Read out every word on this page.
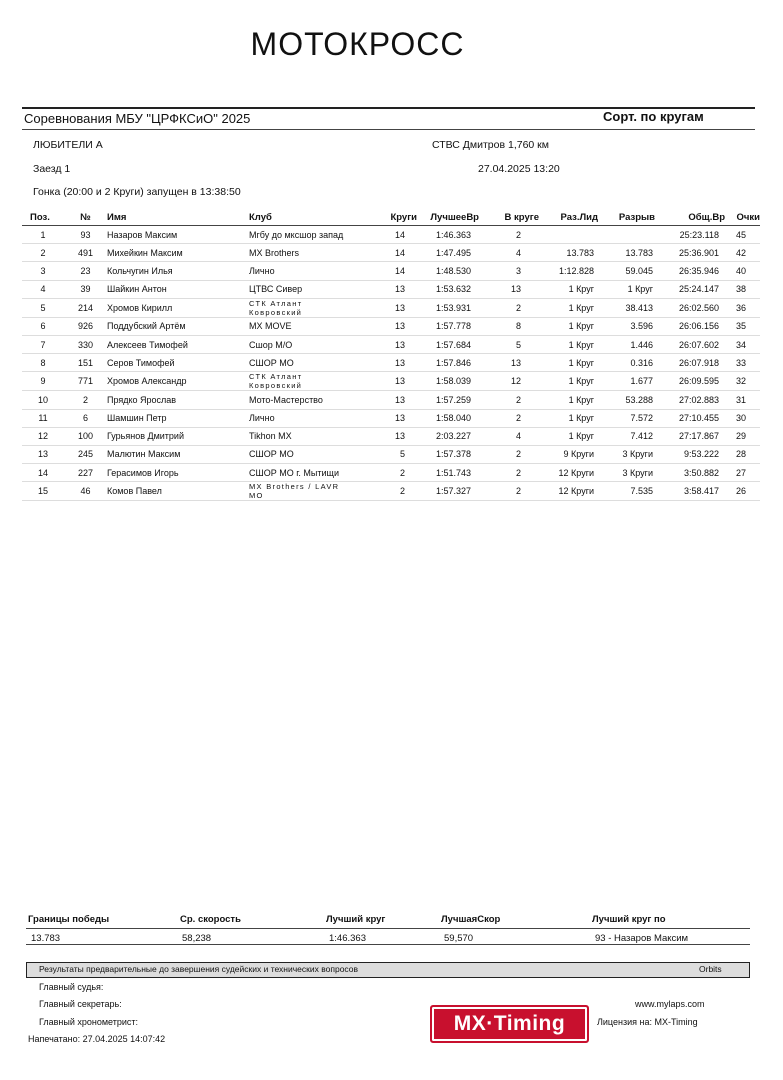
МОТОКРОСС
Соревнования МБУ "ЦРФКСиО" 2025	Сорт. по кругам
ЛЮБИТЕЛИ А	СТВС Дмитров 1,760 км
Заезд 1	27.04.2025 13:20
Гонка (20:00 и 2 Круги) запущен в 13:38:50
Поз.	№	Имя	Клуб	Круги	ЛучшееВр	В круге	Раз.Лид	Разрыв	Общ.Вр	Очки
1	93	Назаров Максим	Мгбу до мксшор запад	14	1:46.363	2			25:23.118	45
2	491	Михейкин Максим	MX Brothers	14	1:47.495	4	13.783	13.783	25:36.901	42
3	23	Кольчугин Илья	Лично	14	1:48.530	3	1:12.828	59.045	26:35.946	40
4	39	Шайкин Антон	ЦТВС Сивер	13	1:53.632	13	1 Круг	1 Круг	25:24.147	38
5	214	Хромов Кирилл	СТК Атлант Ковровский	13	1:53.931	2	1 Круг	38.413	26:02.560	36
6	926	Поддубский Артём	MX MOVE	13	1:57.778	8	1 Круг	3.596	26:06.156	35
7	330	Алексеев Тимофей	Сшор М/О	13	1:57.684	5	1 Круг	1.446	26:07.602	34
8	151	Серов Тимофей	СШОР МО	13	1:57.846	13	1 Круг	0.316	26:07.918	33
9	771	Хромов Александр	СТК Атлант Ковровский	13	1:58.039	12	1 Круг	1.677	26:09.595	32
10	2	Прядко Ярослав	Мото-Мастерство	13	1:57.259	2	1 Круг	53.288	27:02.883	31
11	6	Шамшин Петр	Лично	13	1:58.040	2	1 Круг	7.572	27:10.455	30
12	100	Гурьянов Дмитрий	Tikhon MX	13	2:03.227	4	1 Круг	7.412	27:17.867	29
13	245	Малютин Максим	СШОР МО	5	1:57.378	2	9 Круги	3 Круги	9:53.222	28
14	227	Герасимов Игорь	СШОР МО г. Мытищи	2	1:51.743	2	12 Круги	3 Круги	3:50.882	27
15	46	Комов Павел	MX Brothers / LAVR MO	2	1:57.327	2	12 Круги	7.535	3:58.417	26
Границы победы	Ср. скорость	Лучший круг	ЛучшаяСкор	Лучший круг по
13.783	58,238	1:46.363	59,570	93 - Назаров Максим
Результаты предварительные до завершения судейских и технических вопросов	Orbits
Главный судья:
Главный секретарь:
Главный хронометрист:
Напечатано: 27.04.2025 14:07:42
www.mylaps.com
Лицензия на: MX-Timing
MX·Timing
